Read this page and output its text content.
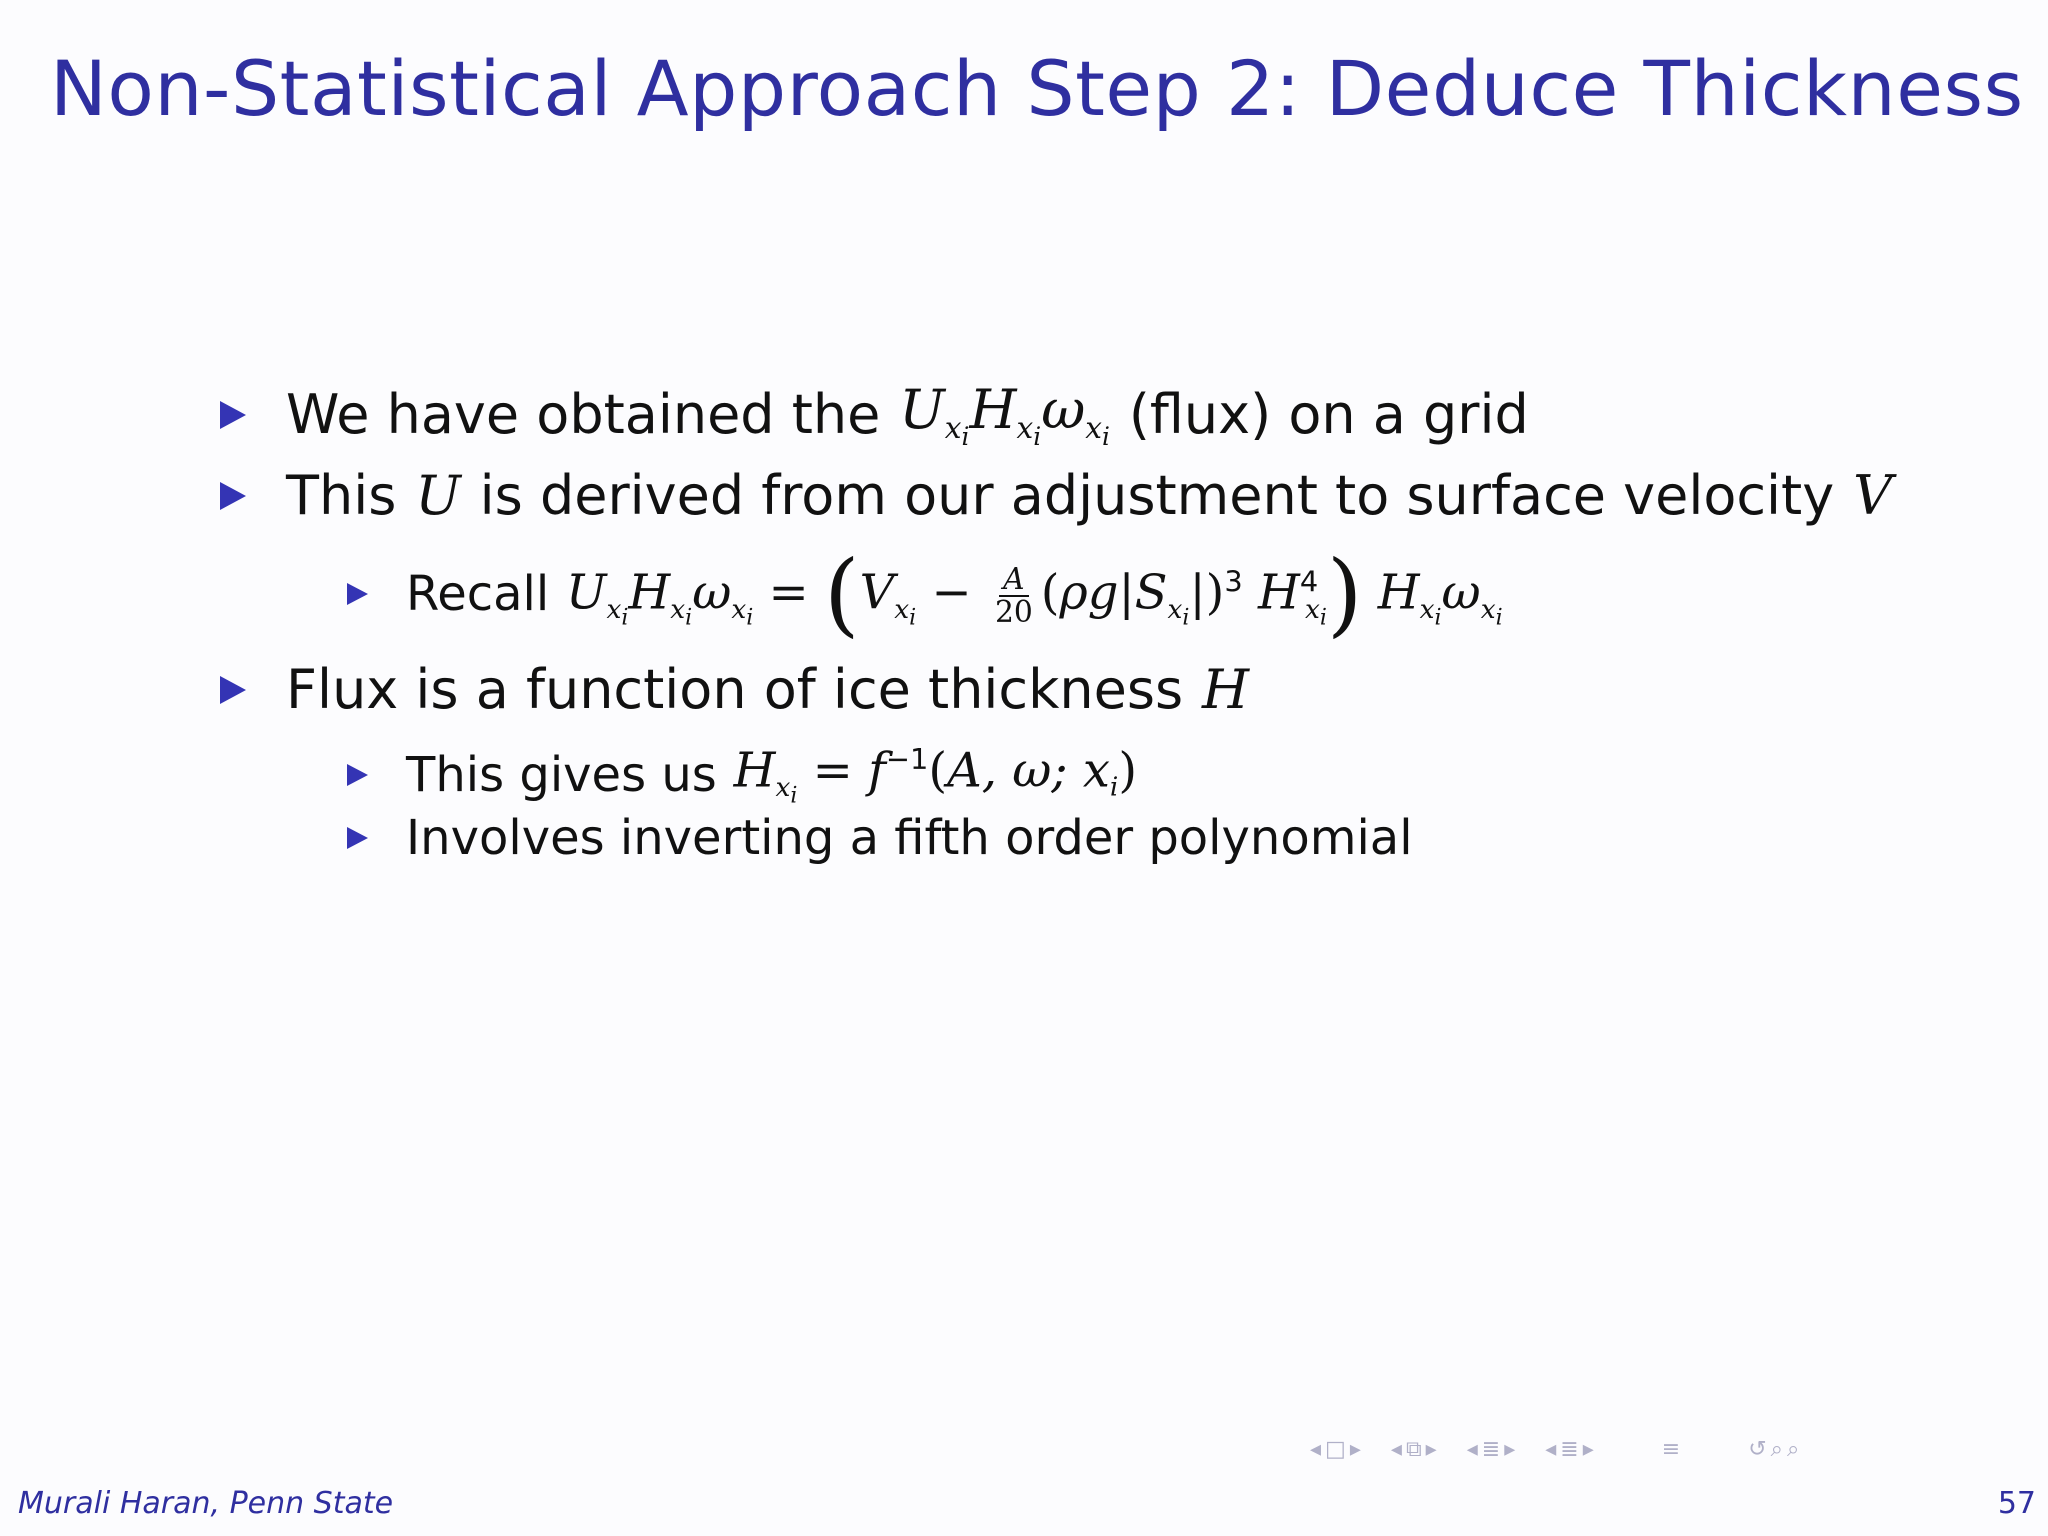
Non-Statistical Approach Step 2: Deduce Thickness
We have obtained the $U_{x_i}H_{x_i}\omega_{x_i}$ (flux) on a grid
This U is derived from our adjustment to surface velocity V
Recall $U_{x_i}H_{x_i}\omega_{x_i} = (V_{x_i} - \frac{A}{20} (\rho g|S_{x_i}|)^3$ $H^4_{x_i}$) $H_{x_i}\omega_{x_i}$
Flux is a function of ice thickness H
This gives us $H_{x_i} = f^{-1}(A$, ω; $x_i$)
Involves inverting a fifth order polynomial
◂ □ ▸ ◂ ⧉ ▸ ◂ ≣ ▸ ◂ ≣ ▸	≡	↺ ⌕ ⌕
Murali Haran, Penn State	57
